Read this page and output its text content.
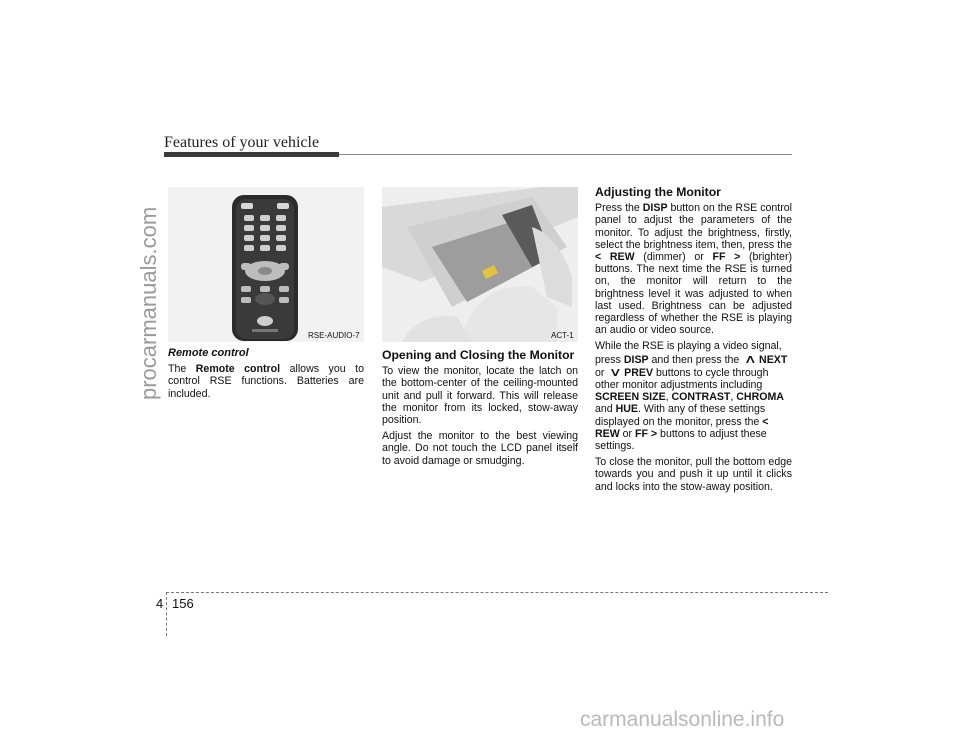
Features of your vehicle
procarmanuals.com	RSE-AUDIO-7

Remote control

The Remote control allows you to control RSE functions. Batteries are included.

ACT-1

Opening and Closing the Monitor

To view the monitor, locate the latch on the bottom-center of the ceiling-mounted unit and pull it forward. This will release the monitor from its locked, stow-away position.

Adjust the monitor to the best viewing angle. Do not touch the LCD panel itself to avoid damage or smudging.

Adjusting the Monitor

Press the DISP button on the RSE control panel to adjust the parameters of the monitor. To adjust the brightness, firstly, select the brightness item, then, press the < REW (dimmer) or FF > (brighter) buttons. The next time the RSE is turned on, the monitor will return to the brightness level it was adjusted to when last used. Brightness can be adjusted regardless of whether the RSE is playing an audio or video source.

While the RSE is playing a video signal, press DISP and then press the ∧ NEXT or ∨ PREV buttons to cycle through other monitor adjustments including SCREEN SIZE, CONTRAST, CHROMA and HUE. With any of these settings displayed on the monitor, press the < REW or FF > buttons to adjust these settings.

To close the monitor, pull the bottom edge towards you and push it up until it clicks and locks into the stow-away position.

4 156
carmanualsonline.info
